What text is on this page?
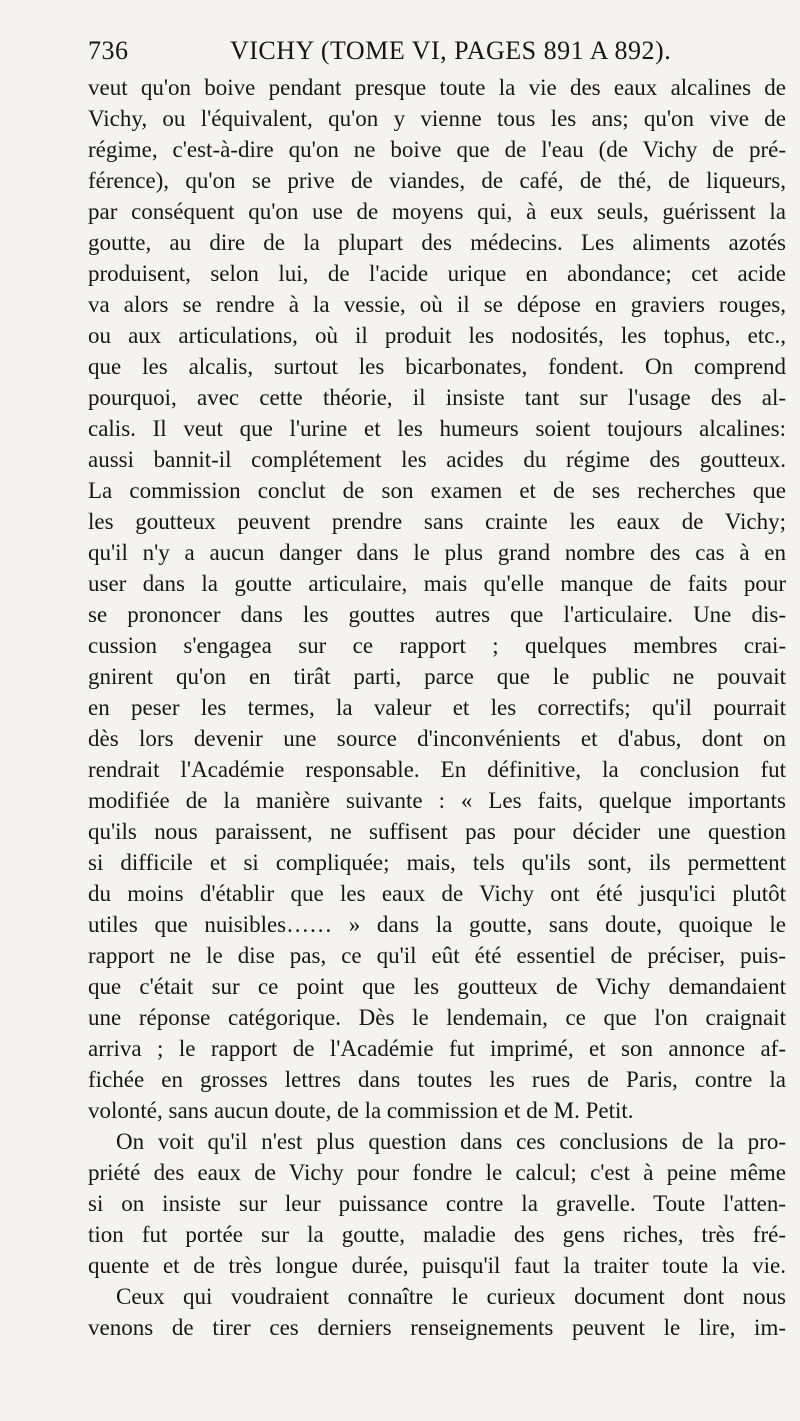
736	VICHY (TOME VI, PAGES 891 A 892).
veut qu'on boive pendant presque toute la vie des eaux alcalines de
Vichy, ou l'équivalent, qu'on y vienne tous les ans; qu'on vive de
régime, c'est-à-dire qu'on ne boive que de l'eau (de Vichy de pré-
férence), qu'on se prive de viandes, de café, de thé, de liqueurs,
par conséquent qu'on use de moyens qui, à eux seuls, guérissent la
goutte, au dire de la plupart des médecins. Les aliments azotés
produisent, selon lui, de l'acide urique en abondance; cet acide
va alors se rendre à la vessie, où il se dépose en graviers rouges,
ou aux articulations, où il produit les nodosités, les tophus, etc.,
que les alcalis, surtout les bicarbonates, fondent. On comprend
pourquoi, avec cette théorie, il insiste tant sur l'usage des al-
calis. Il veut que l'urine et les humeurs soient toujours alcalines:
aussi bannit-il complétement les acides du régime des goutteux.
La commission conclut de son examen et de ses recherches que
les goutteux peuvent prendre sans crainte les eaux de Vichy;
qu'il n'y a aucun danger dans le plus grand nombre des cas à en
user dans la goutte articulaire, mais qu'elle manque de faits pour
se prononcer dans les gouttes autres que l'articulaire. Une dis-
cussion s'engagea sur ce rapport ; quelques membres crai-
gnirent qu'on en tirât parti, parce que le public ne pouvait
en peser les termes, la valeur et les correctifs; qu'il pourrait
dès lors devenir une source d'inconvénients et d'abus, dont on
rendrait l'Académie responsable. En définitive, la conclusion fut
modifiée de la manière suivante : « Les faits, quelque importants
qu'ils nous paraissent, ne suffisent pas pour décider une question
si difficile et si compliquée; mais, tels qu'ils sont, ils permettent
du moins d'établir que les eaux de Vichy ont été jusqu'ici plutôt
utiles que nuisibles…… » dans la goutte, sans doute, quoique le
rapport ne le dise pas, ce qu'il eût été essentiel de préciser, puis-
que c'était sur ce point que les goutteux de Vichy demandaient
une réponse catégorique. Dès le lendemain, ce que l'on craignait
arriva ; le rapport de l'Académie fut imprimé, et son annonce af-
fichée en grosses lettres dans toutes les rues de Paris, contre la
volonté, sans aucun doute, de la commission et de M. Petit.
On voit qu'il n'est plus question dans ces conclusions de la pro-
priété des eaux de Vichy pour fondre le calcul; c'est à peine même
si on insiste sur leur puissance contre la gravelle. Toute l'atten-
tion fut portée sur la goutte, maladie des gens riches, très fré-
quente et de très longue durée, puisqu'il faut la traiter toute la vie.
Ceux qui voudraient connaître le curieux document dont nous
venons de tirer ces derniers renseignements peuvent le lire, im-
